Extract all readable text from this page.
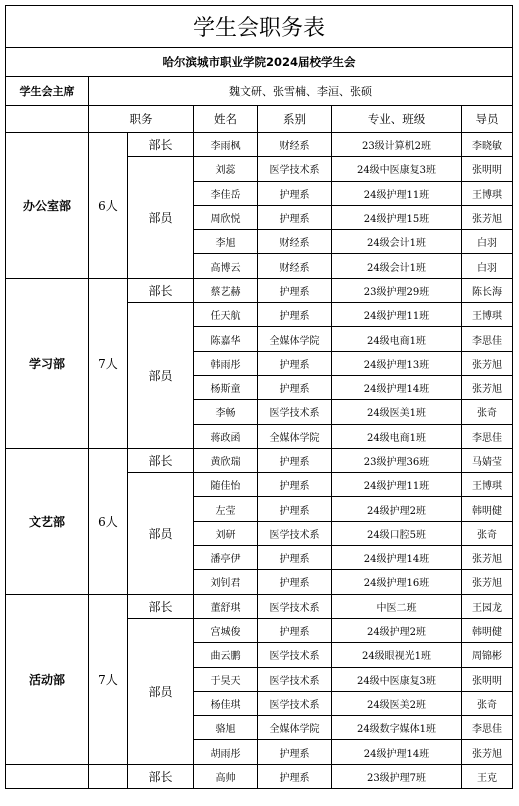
学生会职务表						
哈尔滨城市职业学院2024届校学生会						
学生会主席	魏文研、张雪楠、李洹、张硕					
	职务		姓名	系别	专业、班级	导员
办公室部	6人	部长	李雨枫	财经系	23级计算机2班	李晓敏
		部员	刘蕊	医学技术系	24级中医康复3班	张明明
			李佳岳	护理系	24级护理11班	王博琪
			周欣悦	护理系	24级护理15班	张芳旭
			李旭	财经系	24级会计1班	白羽
			高博云	财经系	24级会计1班	白羽
学习部	7人	部长	蔡艺赫	护理系	23级护理29班	陈长海
		部员	任天航	护理系	24级护理11班	王博琪
			陈嘉华	全媒体学院	24级电商1班	李思佳
			韩雨彤	护理系	24级护理13班	张芳旭
			杨斯童	护理系	24级护理14班	张芳旭
			李畅	医学技术系	24级医美1班	张奇
			蒋政函	全媒体学院	24级电商1班	李思佳
文艺部	6人	部长	黄欣瑞	护理系	23级护理36班	马婧莹
		部员	随佳怡	护理系	24级护理11班	王博琪
			左莹	护理系	24级护理2班	韩明健
			刘研	医学技术系	24级口腔5班	张奇
			潘亭伊	护理系	24级护理14班	张芳旭
			刘钊君	护理系	24级护理16班	张芳旭
活动部	7人	部长	董舒琪	医学技术系	中医二班	王园龙
		部员	宫城俊	护理系	24级护理2班	韩明健
			曲云鹏	医学技术系	24级眼视光1班	周锦彬
			于昊天	医学技术系	24级中医康复3班	张明明
			杨佳琪	医学技术系	24级医美2班	张奇
			骆旭	全媒体学院	24级数字媒体1班	李思佳
			胡雨彤	护理系	24级护理14班	张芳旭
		部长	高帅	护理系	23级护理7班	王克
